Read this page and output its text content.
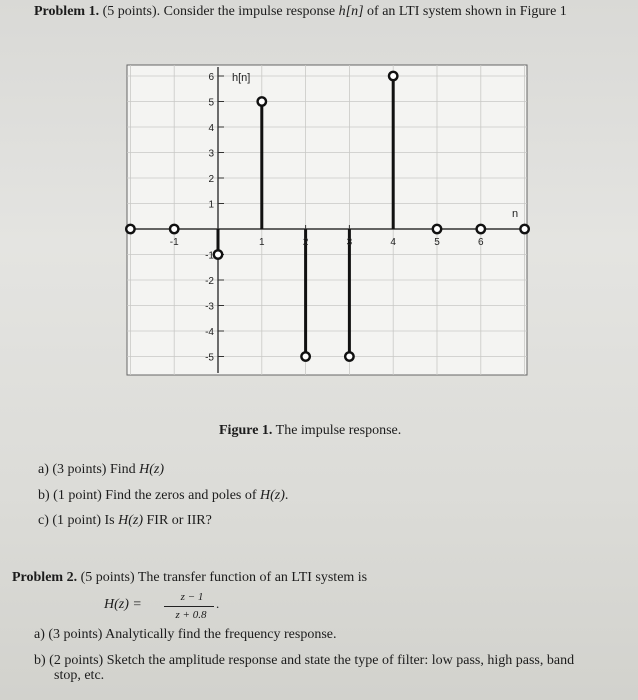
Problem 1. (5 points). Consider the impulse response h[n] of an LTI system shown in Figure 1
6
5
4
3
2
1
-1
-2
-3
-4
-5
-1	1	2	3	4	5	6
h[n]
n
Figure 1. The impulse response.
a) (3 points) Find H(z)
b) (1 point) Find the zeros and poles of H(z).
c) (1 point) Is H(z) FIR or IIR?
Problem 2. (5 points) The transfer function of an LTI system is
H(z) =	z − 1
z + 0.8
.
a) (3 points) Analytically find the frequency response.
b) (2 points) Sketch the amplitude response and state the type of filter: low pass, high pass, band
stop, etc.
